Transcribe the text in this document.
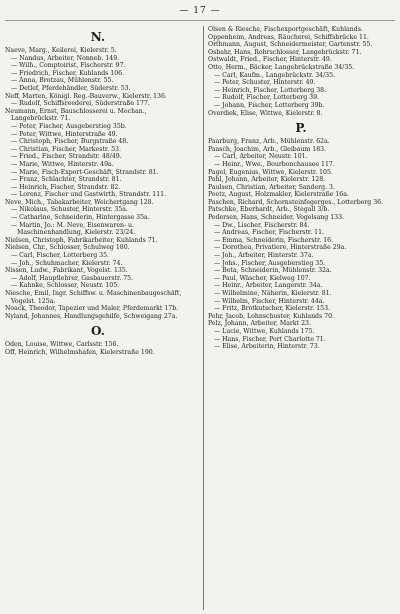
— 17 —
N.

Naeve, Marg., Keilerei, Kielerstr. 5.

— Nandus, Arbeiter, Nonneb. 149.

— Wilh., Comptoirist, Fischerstr. 97.

— Friedrich, Fischer, Kuhlands 106.

— Anna, Brotzau, Mühlenstr. 55.

— Detlef, Pferdehändler, Süderstr. 53.

Neff, Marten, Königl. Reg.-Bauverw., Kielerstr. 136.

— Rudolf, Schiffsreederei, Süderstraße 177.

Neumann, Ernst, Bauschlosserei u. Mechan., Langebrückstr. 71.

— Peter, Fischer, Ausgeberstieg 35b.

— Peter, Wittwe, Hinterstraße 49.

— Christoph, Fischer, Burgstraße 48.

— Christian, Fischer, Markestr. 53.

— Fried., Fischer, Strandstr. 48/49.

— Marie, Wittwe, Hinterstr. 49a.

— Marie, Fisch-Export-Geschäft, Strandstr. 81.

— Franz, Schlachter, Strandstr. 81.

— Heinrich, Fischer, Strandstr. 82.

— Lorenz, Fischer und Gastwirth, Strandstr. 111.

Neve, Mich., Tabakarbeiter, Weichertgang 128.

— Nikolaus, Schuster, Hinterstr. 35a.

— Catharine, Schneiderin, Hintergasse 35a.

— Martin, Jo.: M. Neve, Eisenwaren- u. Maschinenhandlung, Kielerstr. 23/24.

Nielsen, Christoph, Fabrikarbeiter, Kuhlands 71.

Nielsen, Chr., Schlosser, Schulweg 180.

— Carl, Fischer, Lotterberg 35.

— Joh., Schuhmacher, Kielerstr. 74.

Nissen, Ludw., Fabrikant, Vogelst. 135.

— Adolf, Hauptlehrer, Gasbauerstr. 75.

— Kahnke, Schlosser, Neustr. 105.

Niesche, Emil, Ingr. Schiffsw. u. Maschinenbaugeschäft, Vogelst. 125a.

Noack, Theodor, Tapezier und Maler, Pferdemarkt 17b.

Nyland, Johannes, Handlungsgehilfe, Schweigang 27a.

O.

Oden, Louise, Wittwe, Carlsstr. 156.

Off, Heinrich, Wilhelmshafen, Kielerstraße 190.

Olsen & Riesche, Fischexportgeschäft, Kuhlands.

Oppenheim, Andreas, Räucherei, Schiffsbrücke 11.

Orthmann, August, Schneidermeister, Gartenstr. 55.

Osbahr, Hans, Rohrschlosser, Langebrückstr. 71.

Ostwaldt, Fried., Fischer, Hinterstr. 49.

Otto, Herm., Bäcker, Langebrückstraße 34/35.

— Carl, Kaufm., Langebrückstr. 34/35.

— Peter, Schuster, Hinterstr. 49.

— Heinrich, Fischer, Lotterberg 38.

— Rudolf, Fischer, Lotterberg 39.

— Johann, Fischer, Lotterberg 39b.

Overdiek, Elise, Wittwe, Kielerstr. 8.

P.

Paarburg, Franz, Arb., Mühlenstr. 62a.

Paasch, Joachim, Arb., Gleibaum 183.

— Carl, Arbeiter, Neustr. 101.

— Heinr., Wwe., Bourbonchausee 117.

Pagel, Eugenius, Wittwe, Kielerstr. 105.

Pahl, Johann, Arbeiter, Kielerstr. 128.

Paulsen, Christian, Arbeiter, Sanderg. 3.

Peetz, August, Holzmakler, Kielerstraße 16a.

Paschen, Richard, Schornsteinfegerges., Lotterberg 36.

Patschke, Eberhardt, Arb., Stegall 3/b.

Pedersen, Hans, Schneider, Vogelsang 133.

— Dw., Lischer, Fischerstr. 84.

— Andreas, Fischer, Fischerstr. 11.

— Emma, Schneiderin, Fischerstr. 16.

— Dorothea, Privatiere, Hinterstraße 29a.

— Joh., Arbeiter, Hinterstr. 37a.

— Johs., Fischer, Ausgeberstieg 35.

— Beta, Schneiderin, Mühlenstr. 32a.

— Paul, Wäscher, Kielweg 107.

— Heinr., Arbeiter, Langerstr. 34a.

— Wilhelmine, Näherin, Kielerstr. 81.

— Wilhelm, Fischer, Hinterstr. 44a.

— Fritz, Brotkutscher, Kielerstr. 153.

Pehr, Jacob, Lohnschuster, Kuhlands 70.

Pelz, Johann, Arbeiter, Markt 23.

— Lucie, Wittwe, Kuhlands 175.

— Hans, Fischer, Port Charlotte 71.

— Elise, Arbeiterin, Hinterstr. 73.
